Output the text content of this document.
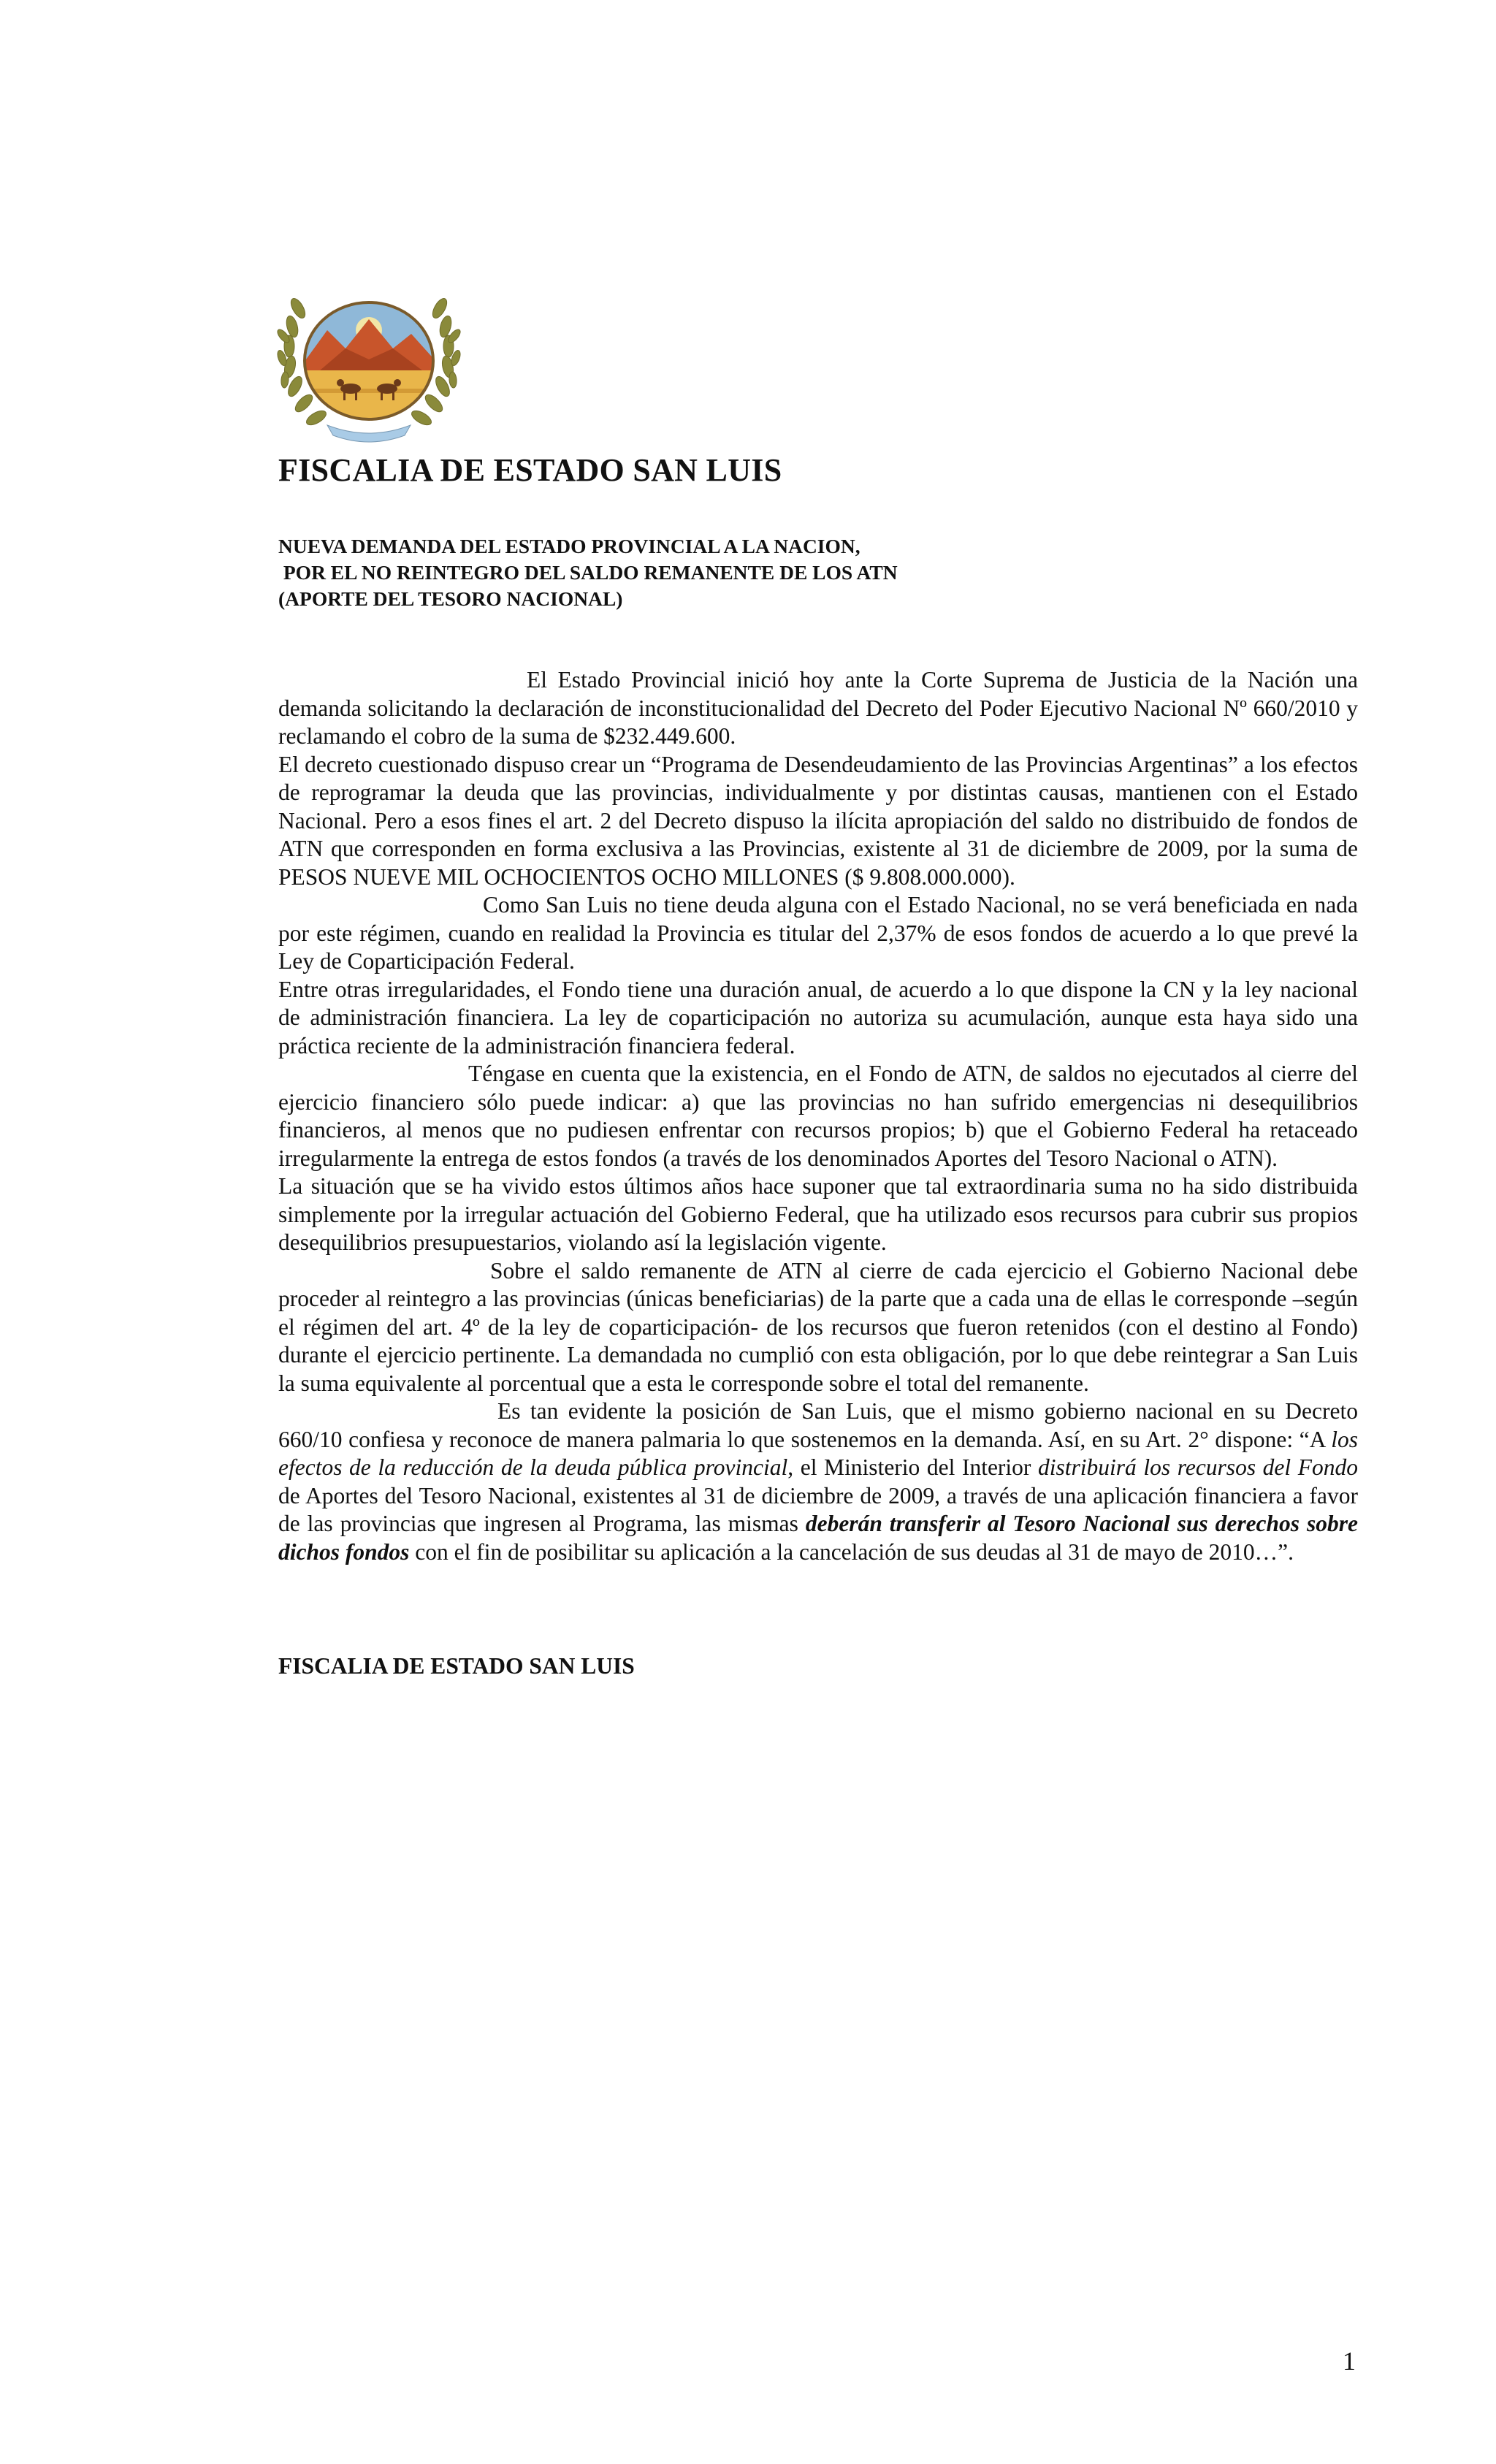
FISCALIA DE ESTADO SAN LUIS
NUEVA DEMANDA DEL ESTADO PROVINCIAL A LA NACION,
POR EL NO REINTEGRO DEL SALDO REMANENTE DE LOS ATN
(APORTE DEL TESORO NACIONAL)

El Estado Provincial inició hoy ante la Corte Suprema de Justicia de la Nación una demanda solicitando la declaración de inconstitucionalidad del Decreto del Poder Ejecutivo Nacional Nº 660/2010 y reclamando el cobro de la suma de $232.449.600.

El decreto cuestionado dispuso crear un “Programa de Desendeudamiento de las Provincias Argentinas” a los efectos de reprogramar la deuda que las provincias, individualmente y por distintas causas, mantienen con el Estado Nacional. Pero a esos fines el art. 2 del Decreto dispuso la ilícita apropiación del saldo no distribuido de fondos de ATN que corresponden en forma exclusiva a las Provincias, existente al 31 de diciembre de 2009, por la suma de PESOS NUEVE MIL OCHOCIENTOS OCHO MILLONES ($ 9.808.000.000).

Como San Luis no tiene deuda alguna con el Estado Nacional, no se verá beneficiada en nada por este régimen, cuando en realidad la Provincia es titular del 2,37% de esos fondos de acuerdo a lo que prevé la Ley de Coparticipación Federal.

Entre otras irregularidades, el Fondo tiene una duración anual, de acuerdo a lo que dispone la CN y la ley nacional de administración financiera. La ley de coparticipación no autoriza su acumulación, aunque esta haya sido una práctica reciente de la administración financiera federal.

Téngase en cuenta que la existencia, en el Fondo de ATN, de saldos no ejecutados al cierre del ejercicio financiero sólo puede indicar: a) que las provincias no han sufrido emergencias ni desequilibrios financieros, al menos que no pudiesen enfrentar con recursos propios; b) que el Gobierno Federal ha retaceado irregularmente la entrega de estos fondos (a través de los denominados Aportes del Tesoro Nacional o ATN).

La situación que se ha vivido estos últimos años hace suponer que tal extraordinaria suma no ha sido distribuida simplemente por la irregular actuación del Gobierno Federal, que ha utilizado esos recursos para cubrir sus propios desequilibrios presupuestarios, violando así la legislación vigente.

Sobre el saldo remanente de ATN al cierre de cada ejercicio el Gobierno Nacional debe proceder al reintegro a las provincias (únicas beneficiarias) de la parte que a cada una de ellas le corresponde –según el régimen del art. 4º de la ley de coparticipación- de los recursos que fueron retenidos (con el destino al Fondo) durante el ejercicio pertinente. La demandada no cumplió con esta obligación, por lo que debe reintegrar a San Luis la suma equivalente al porcentual que a esta le corresponde sobre el total del remanente.

Es tan evidente la posición de San Luis, que el mismo gobierno nacional en su Decreto 660/10 confiesa y reconoce de manera palmaria lo que sostenemos en la demanda. Así, en su Art. 2° dispone: “A los efectos de la reducción de la deuda pública provincial, el Ministerio del Interior distribuirá los recursos del Fondo de Aportes del Tesoro Nacional, existentes al 31 de diciembre de 2009, a través de una aplicación financiera a favor de las provincias que ingresen al Programa, las mismas deberán transferir al Tesoro Nacional sus derechos sobre dichos fondos con el fin de posibilitar su aplicación a la cancelación de sus deudas al 31 de mayo de 2010…”.

FISCALIA DE ESTADO SAN LUIS

1
